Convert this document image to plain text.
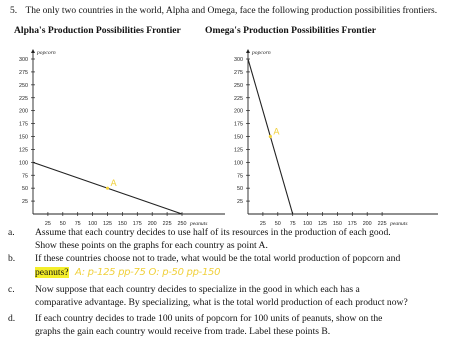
5. The only two countries in the world, Alpha and Omega, face the following production possibilities frontiers.
Alpha's Production Possibilities Frontier	Omega's Production Possibilities Frontier
popcorn
300
275
250
225
200
175
150
125
100
75
50
25
25 50 75 100 125 150 175 200 225 250 peanuts
A
popcorn
300
275
250
225
200
175
150
125
100
75
50
25
25 50 75 100 125 150 175 200 225 peanuts
A
a. Assume that each country decides to use half of its resources in the production of each good.
Show these points on the graphs for each country as point A.
b. If these countries choose not to trade, what would be the total world production of popcorn and
peanuts? A: p-125 pp-75 O: p-50 pp-150
c. Now suppose that each country decides to specialize in the good in which each has a
comparative advantage. By specializing, what is the total world production of each product now?
d. If each country decides to trade 100 units of popcorn for 100 units of peanuts, show on the
graphs the gain each country would receive from trade. Label these points B.
